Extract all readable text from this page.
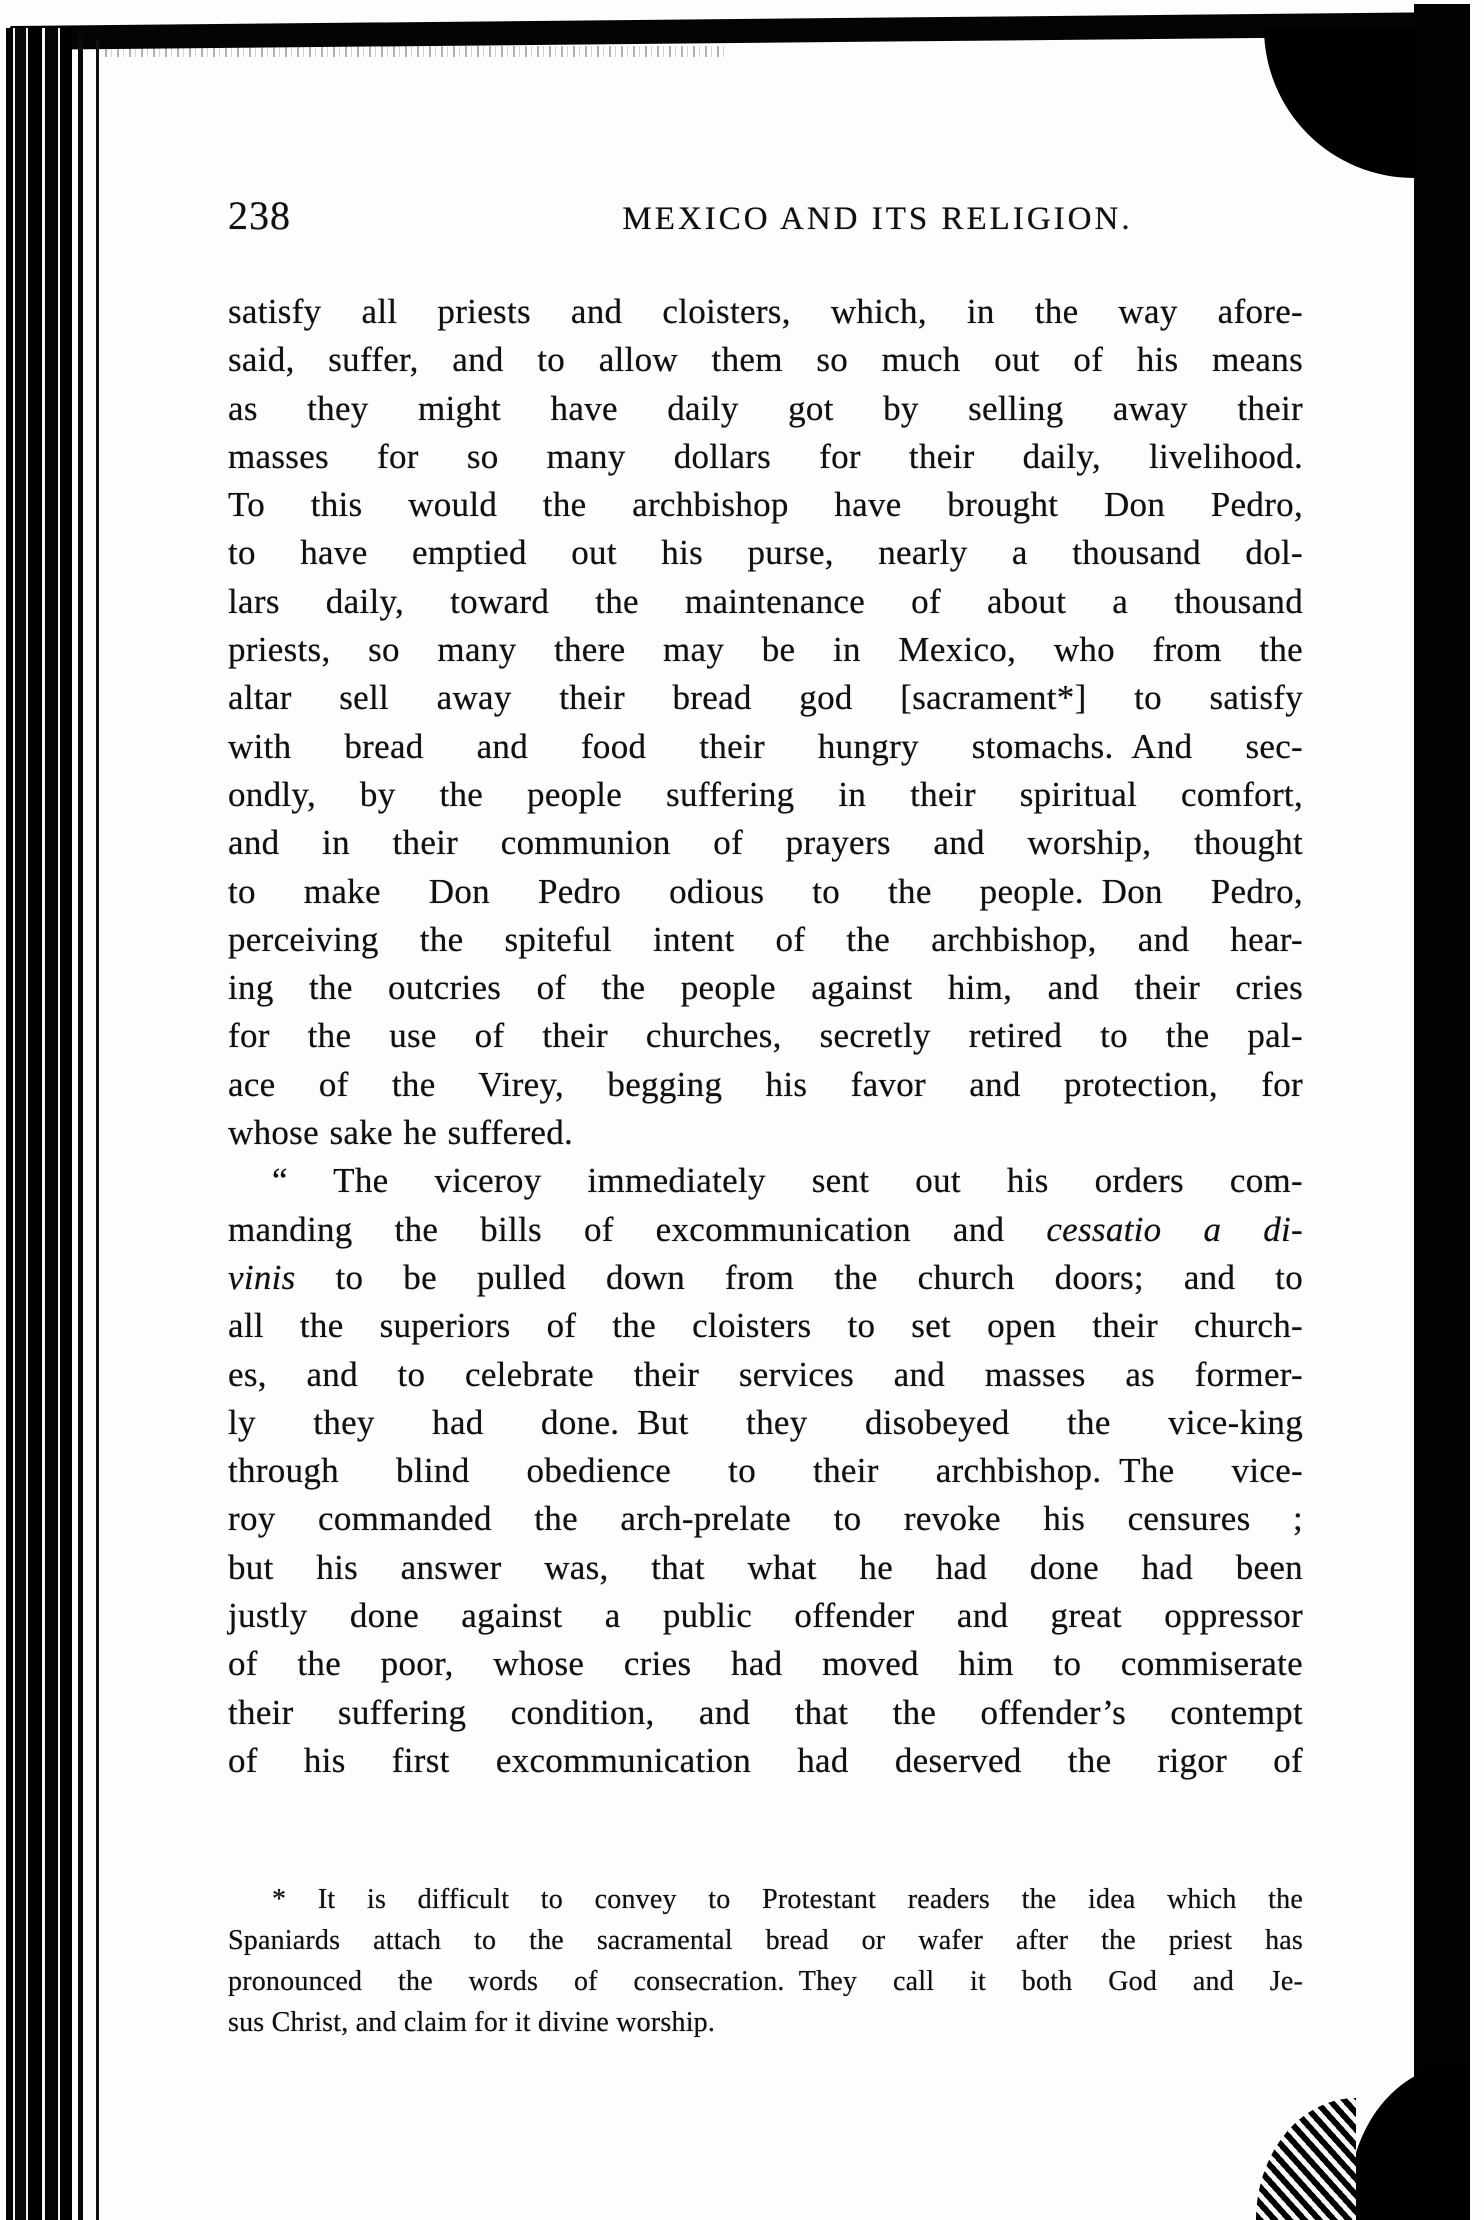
238	MEXICO AND ITS RELIGION.
satisfy all priests and cloisters, which, in the way afore-
said, suffer, and to allow them so much out of his means
as they might have daily got by selling away their
masses for so many dollars for their daily, livelihood.
To this would the archbishop have brought Don Pedro,
to have emptied out his purse, nearly a thousand dol-
lars daily, toward the maintenance of about a thousand
priests, so many there may be in Mexico, who from the
altar sell away their bread god [sacrament*] to satisfy
with bread and food their hungry stomachs. And sec-
ondly, by the people suffering in their spiritual comfort,
and in their communion of prayers and worship, thought
to make Don Pedro odious to the people. Don Pedro,
perceiving the spiteful intent of the archbishop, and hear-
ing the outcries of the people against him, and their cries
for the use of their churches, secretly retired to the pal-
ace of the Virey, begging his favor and protection, for
whose sake he suffered.
“ The viceroy immediately sent out his orders com-
manding the bills of excommunication and cessatio a di-
vinis to be pulled down from the church doors; and to
all the superiors of the cloisters to set open their church-
es, and to celebrate their services and masses as former-
ly they had done. But they disobeyed the vice-king
through blind obedience to their archbishop. The vice-
roy commanded the arch-prelate to revoke his censures ;
but his answer was, that what he had done had been
justly done against a public offender and great oppressor
of the poor, whose cries had moved him to commiserate
their suffering condition, and that the offender’s contempt
of his first excommunication had deserved the rigor of
* It is difficult to convey to Protestant readers the idea which the
Spaniards attach to the sacramental bread or wafer after the priest has
pronounced the words of consecration. They call it both God and Je-
sus Christ, and claim for it divine worship.
